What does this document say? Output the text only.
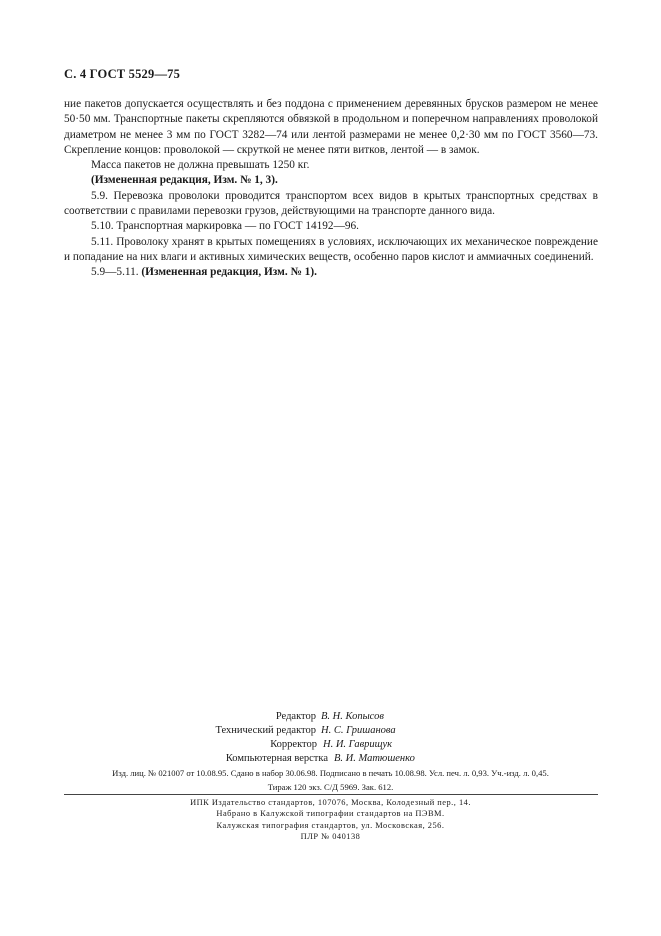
С. 4 ГОСТ 5529—75

ние пакетов допускается осуществлять и без поддона с применением деревянных брусков размером не менее 50·50 мм. Транспортные пакеты скрепляются обвязкой в продольном и поперечном направлениях проволокой диаметром не менее 3 мм по ГОСТ 3282—74 или лентой размерами не менее 0,2·30 мм по ГОСТ 3560—73. Скрепление концов: проволокой — скруткой не менее пяти витков, лентой — в замок.

Масса пакетов не должна превышать 1250 кг.

(Измененная редакция, Изм. № 1, 3).

5.9. Перевозка проволоки проводится транспортом всех видов в крытых транспортных средствах в соответствии с правилами перевозки грузов, действующими на транспорте данного вида.

5.10. Транспортная маркировка — по ГОСТ 14192—96.

5.11. Проволоку хранят в крытых помещениях в условиях, исключающих их механическое повреждение и попадание на них влаги и активных химических веществ, особенно паров кислот и аммиачных соединений.

5.9—5.11. (Измененная редакция, Изм. № 1).

Редактор В. Н. Копысов
Технический редактор Н. С. Гришанова
Корректор Н. И. Гаврищук
Компьютерная верстка В. И. Матюшенко
Изд. лиц. № 021007 от 10.08.95. Сдано в набор 30.06.98. Подписано в печать 10.08.98. Усл. печ. л. 0,93. Уч.-изд. л. 0,45.
Тираж 120 экз. С/Д 5969. Зак. 612.
ИПК Издательство стандартов, 107076, Москва, Колодезный пер., 14.
Набрано в Калужской типографии стандартов на ПЭВМ.
Калужская типография стандартов, ул. Московская, 256.
ПЛР № 040138
